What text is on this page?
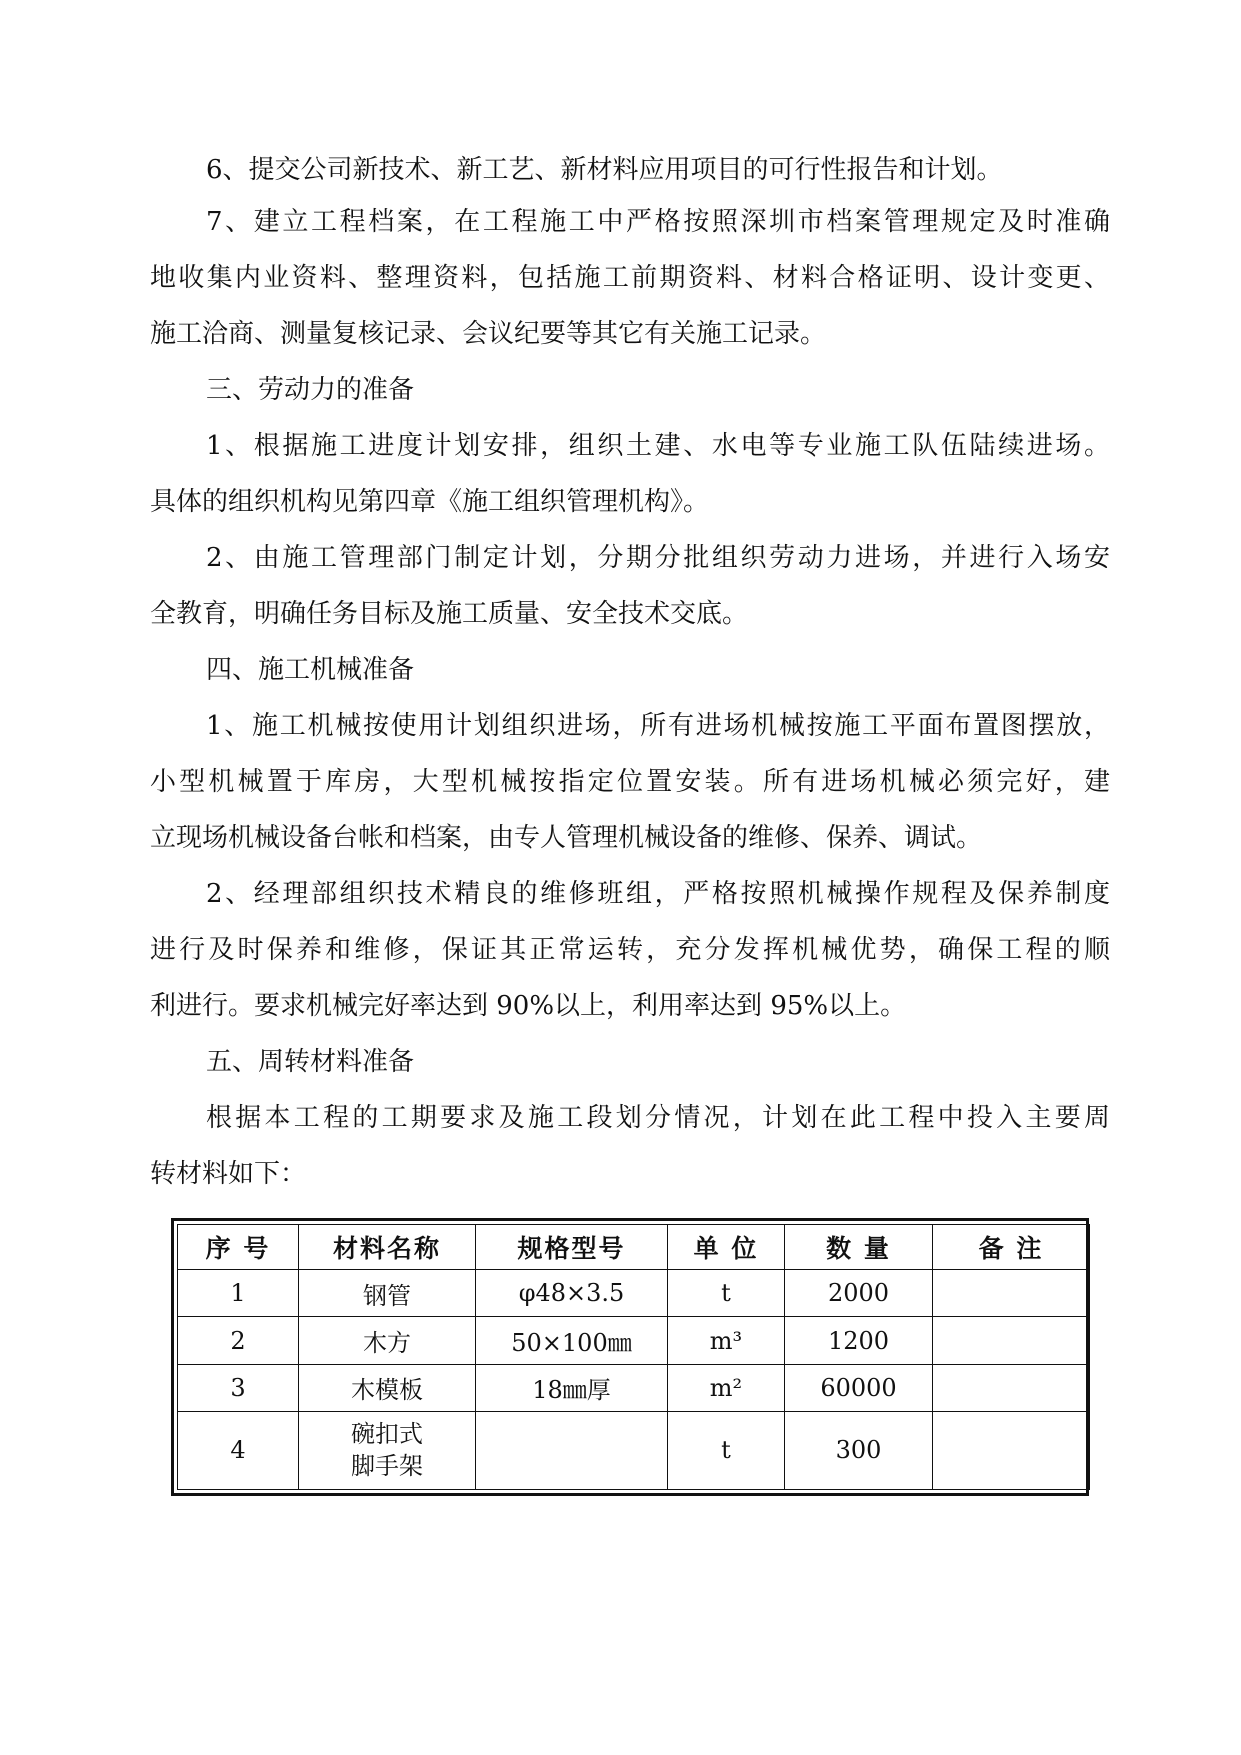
6、提交公司新技术、新工艺、新材料应用项目的可行性报告和计划。
7、建立工程档案，在工程施工中严格按照深圳市档案管理规定及时准确
地收集内业资料、整理资料，包括施工前期资料、材料合格证明、设计变更、
施工洽商、测量复核记录、会议纪要等其它有关施工记录。
三、劳动力的准备
1、根据施工进度计划安排，组织土建、水电等专业施工队伍陆续进场。
具体的组织机构见第四章《施工组织管理机构》。
2、由施工管理部门制定计划，分期分批组织劳动力进场，并进行入场安
全教育，明确任务目标及施工质量、安全技术交底。
四、施工机械准备
1、施工机械按使用计划组织进场，所有进场机械按施工平面布置图摆放，
小型机械置于库房，大型机械按指定位置安装。所有进场机械必须完好，建
立现场机械设备台帐和档案，由专人管理机械设备的维修、保养、调试。
2、经理部组织技术精良的维修班组，严格按照机械操作规程及保养制度
进行及时保养和维修，保证其正常运转，充分发挥机械优势，确保工程的顺
利进行。要求机械完好率达到 90%以上，利用率达到 95%以上。
五、周转材料准备
根据本工程的工期要求及施工段划分情况，计划在此工程中投入主要周
转材料如下：
序 号	材料名称	规格型号	单 位	数 量	备 注
1	钢管	φ48×3.5	t	2000	
2	木方	50×100㎜	m³	1200	
3	木模板	18㎜厚	m²	60000	
4	碗扣式
脚手架		t	300	
